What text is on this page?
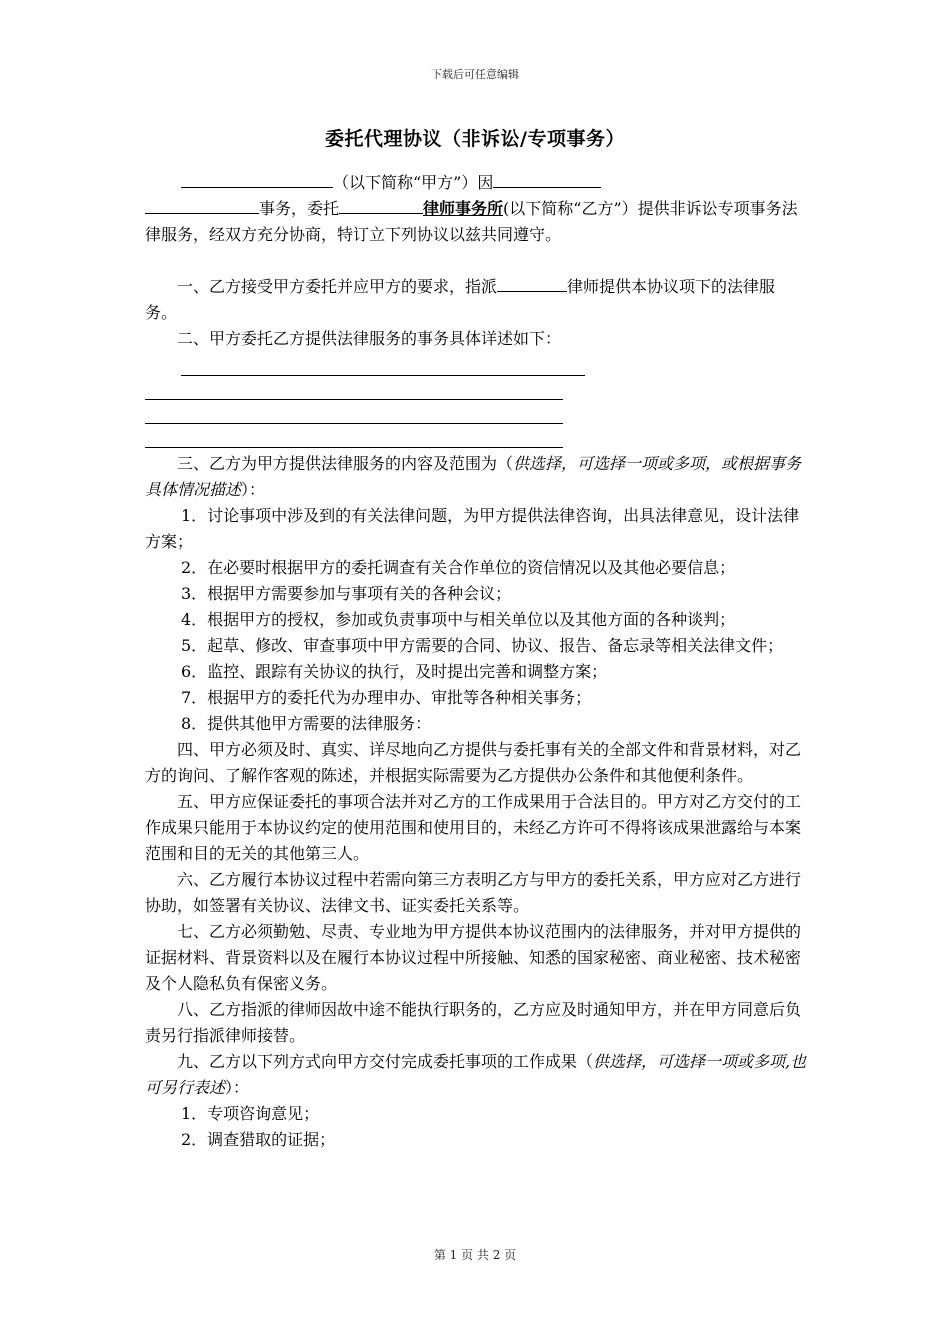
下载后可任意编辑
委托代理协议（非诉讼/专项事务）

（以下简称“甲方”）因

事务，委托	律师事务所(以下简称“乙方”）提供非诉讼专项事务法律服务，经双方充分协商，特订立下列协议以兹共同遵守。

一、乙方接受甲方委托并应甲方的要求，指派	律师提供本协议项下的法律服务。

二、甲方委托乙方提供法律服务的事务具体详述如下：

三、乙方为甲方提供法律服务的内容及范围为（供选择，可选择一项或多项，或根据事务具体情况描述）：

1．讨论事项中涉及到的有关法律问题，为甲方提供法律咨询，出具法律意见，设计法律方案；

2．在必要时根据甲方的委托调查有关合作单位的资信情况以及其他必要信息；

3．根据甲方需要参加与事项有关的各种会议；

4．根据甲方的授权，参加或负责事项中与相关单位以及其他方面的各种谈判；

5．起草、修改、审查事项中甲方需要的合同、协议、报告、备忘录等相关法律文件；

6．监控、跟踪有关协议的执行，及时提出完善和调整方案；

7．根据甲方的委托代为办理申办、审批等各种相关事务；

8．提供其他甲方需要的法律服务：

四、甲方必须及时、真实、详尽地向乙方提供与委托事有关的全部文件和背景材料，对乙方的询问、了解作客观的陈述，并根据实际需要为乙方提供办公条件和其他便利条件。

五、甲方应保证委托的事项合法并对乙方的工作成果用于合法目的。甲方对乙方交付的工作成果只能用于本协议约定的使用范围和使用目的，未经乙方许可不得将该成果泄露给与本案范围和目的无关的其他第三人。

六、乙方履行本协议过程中若需向第三方表明乙方与甲方的委托关系，甲方应对乙方进行协助，如签署有关协议、法律文书、证实委托关系等。

七、乙方必须勤勉、尽责、专业地为甲方提供本协议范围内的法律服务，并对甲方提供的证据材料、背景资料以及在履行本协议过程中所接触、知悉的国家秘密、商业秘密、技术秘密及个人隐私负有保密义务。

八、乙方指派的律师因故中途不能执行职务的，乙方应及时通知甲方，并在甲方同意后负责另行指派律师接替。

九、乙方以下列方式向甲方交付完成委托事项的工作成果（供选择，可选择一项或多项,也可另行表述）：

1．专项咨询意见；

2．调查猎取的证据；

第 1 页 共 2 页
